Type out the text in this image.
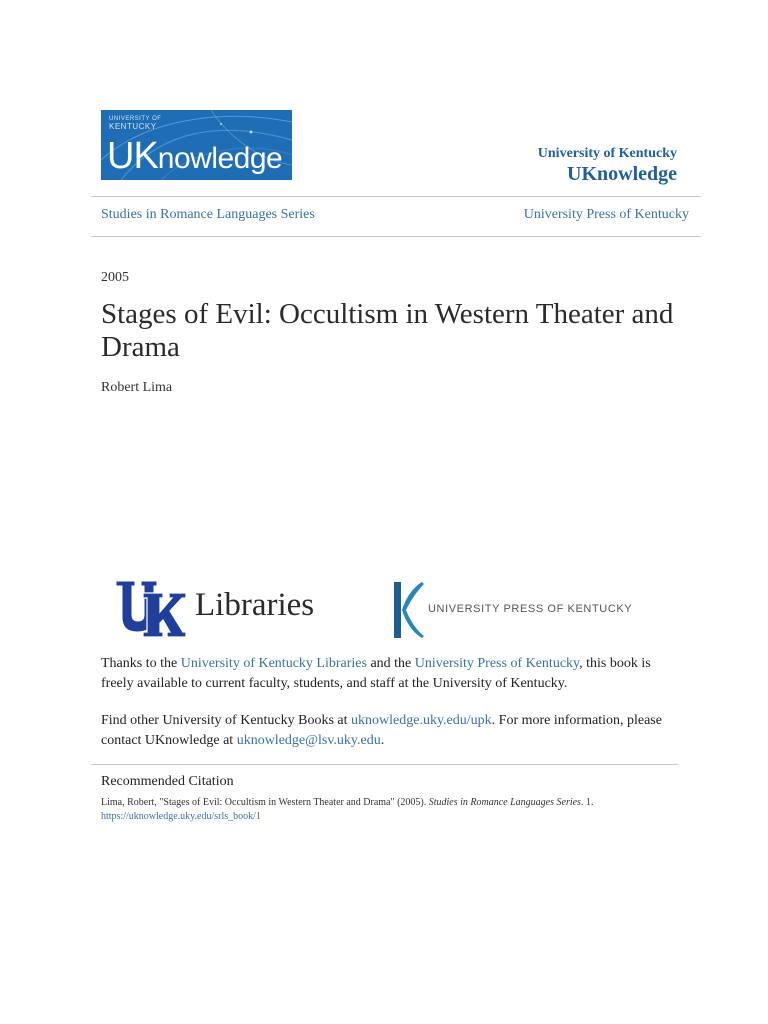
UNIVERSITY OF
KENTUCKY
UKnowledge	University of Kentucky
UKnowledge
Studies in Romance Languages Series	University Press of Kentucky
2005
Stages of Evil: Occultism in Western Theater and Drama
Robert Lima
Libraries	UNIVERSITY PRESS OF KENTUCKY
Thanks to the University of Kentucky Libraries and the University Press of Kentucky, this book is freely available to current faculty, students, and staff at the University of Kentucky.
Find other University of Kentucky Books at uknowledge.uky.edu/upk. For more information, please contact UKnowledge at uknowledge@lsv.uky.edu.
Recommended Citation
Lima, Robert, "Stages of Evil: Occultism in Western Theater and Drama" (2005). Studies in Romance Languages Series. 1.
https://uknowledge.uky.edu/srls_book/1
